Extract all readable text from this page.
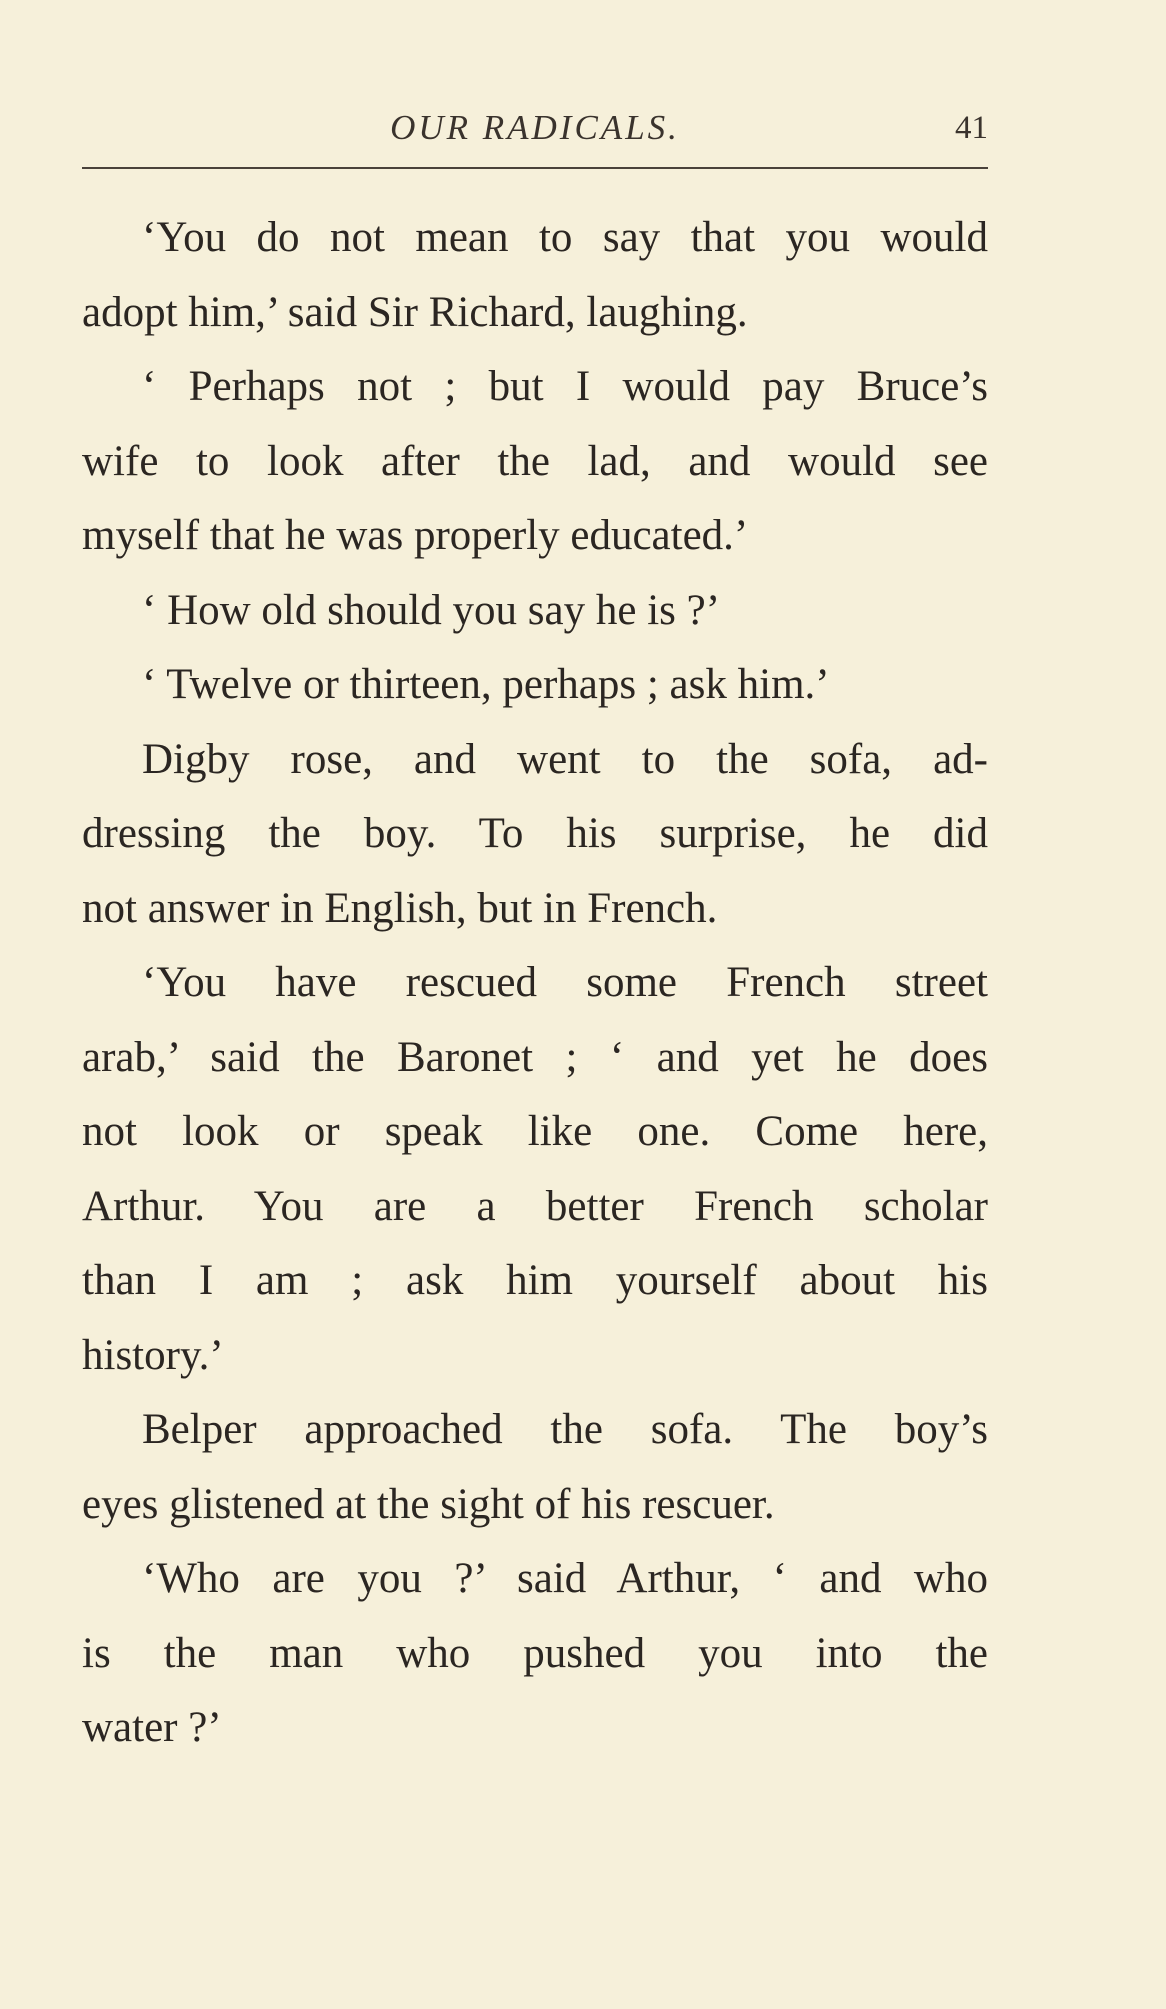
OUR RADICALS.	41
‘You do not mean to say that you would
adopt him,’ said Sir Richard, laughing.
‘ Perhaps not ; but I would pay Bruce’s
wife to look after the lad, and would see
myself that he was properly educated.’
‘ How old should you say he is ?’
‘ Twelve or thirteen, perhaps ; ask him.’
Digby rose, and went to the sofa, ad-
dressing the boy. To his surprise, he did
not answer in English, but in French.
‘You have rescued some French street
arab,’ said the Baronet ; ‘ and yet he does
not look or speak like one. Come here,
Arthur. You are a better French scholar
than I am ; ask him yourself about his
history.’
Belper approached the sofa. The boy’s
eyes glistened at the sight of his rescuer.
‘Who are you ?’ said Arthur, ‘ and who
is the man who pushed you into the
water ?’
